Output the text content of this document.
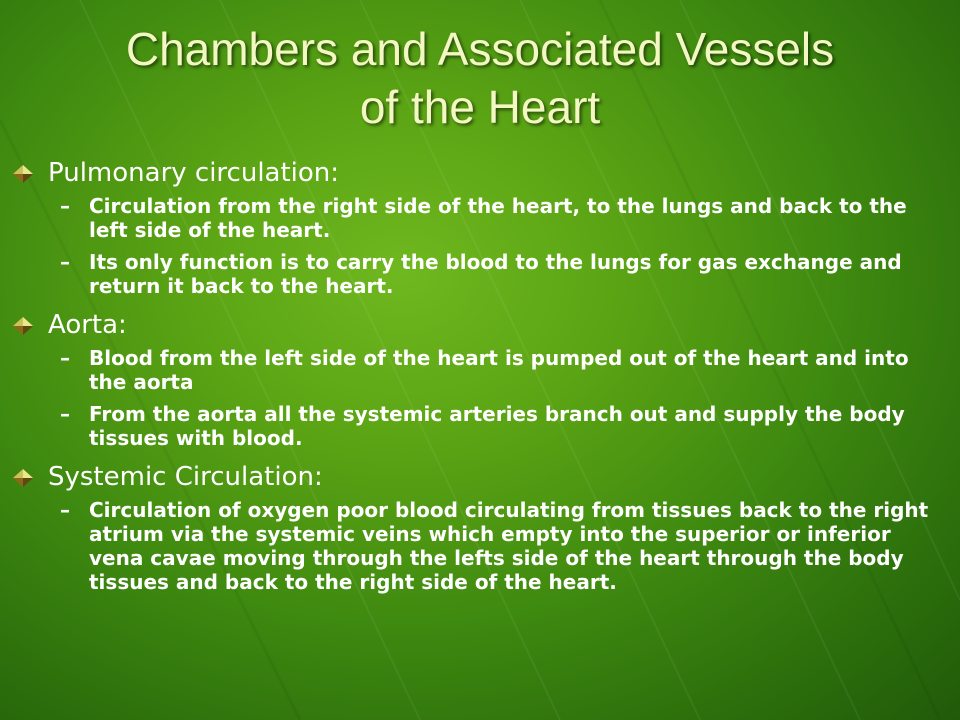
Chambers and Associated Vessels
of the Heart
Pulmonary circulation:
– Circulation from the right side of the heart, to the lungs and back to the left side of the heart.
– Its only function is to carry the blood to the lungs for gas exchange and return it back to the heart.
Aorta:
– Blood from the left side of the heart is pumped out of the heart and into the aorta
– From the aorta all the systemic arteries branch out and supply the body tissues with blood.
Systemic Circulation:
– Circulation of oxygen poor blood circulating from tissues back to the right atrium via the systemic veins which empty into the superior or inferior vena cavae moving through the lefts side of the heart through the body tissues and back to the right side of the heart.
